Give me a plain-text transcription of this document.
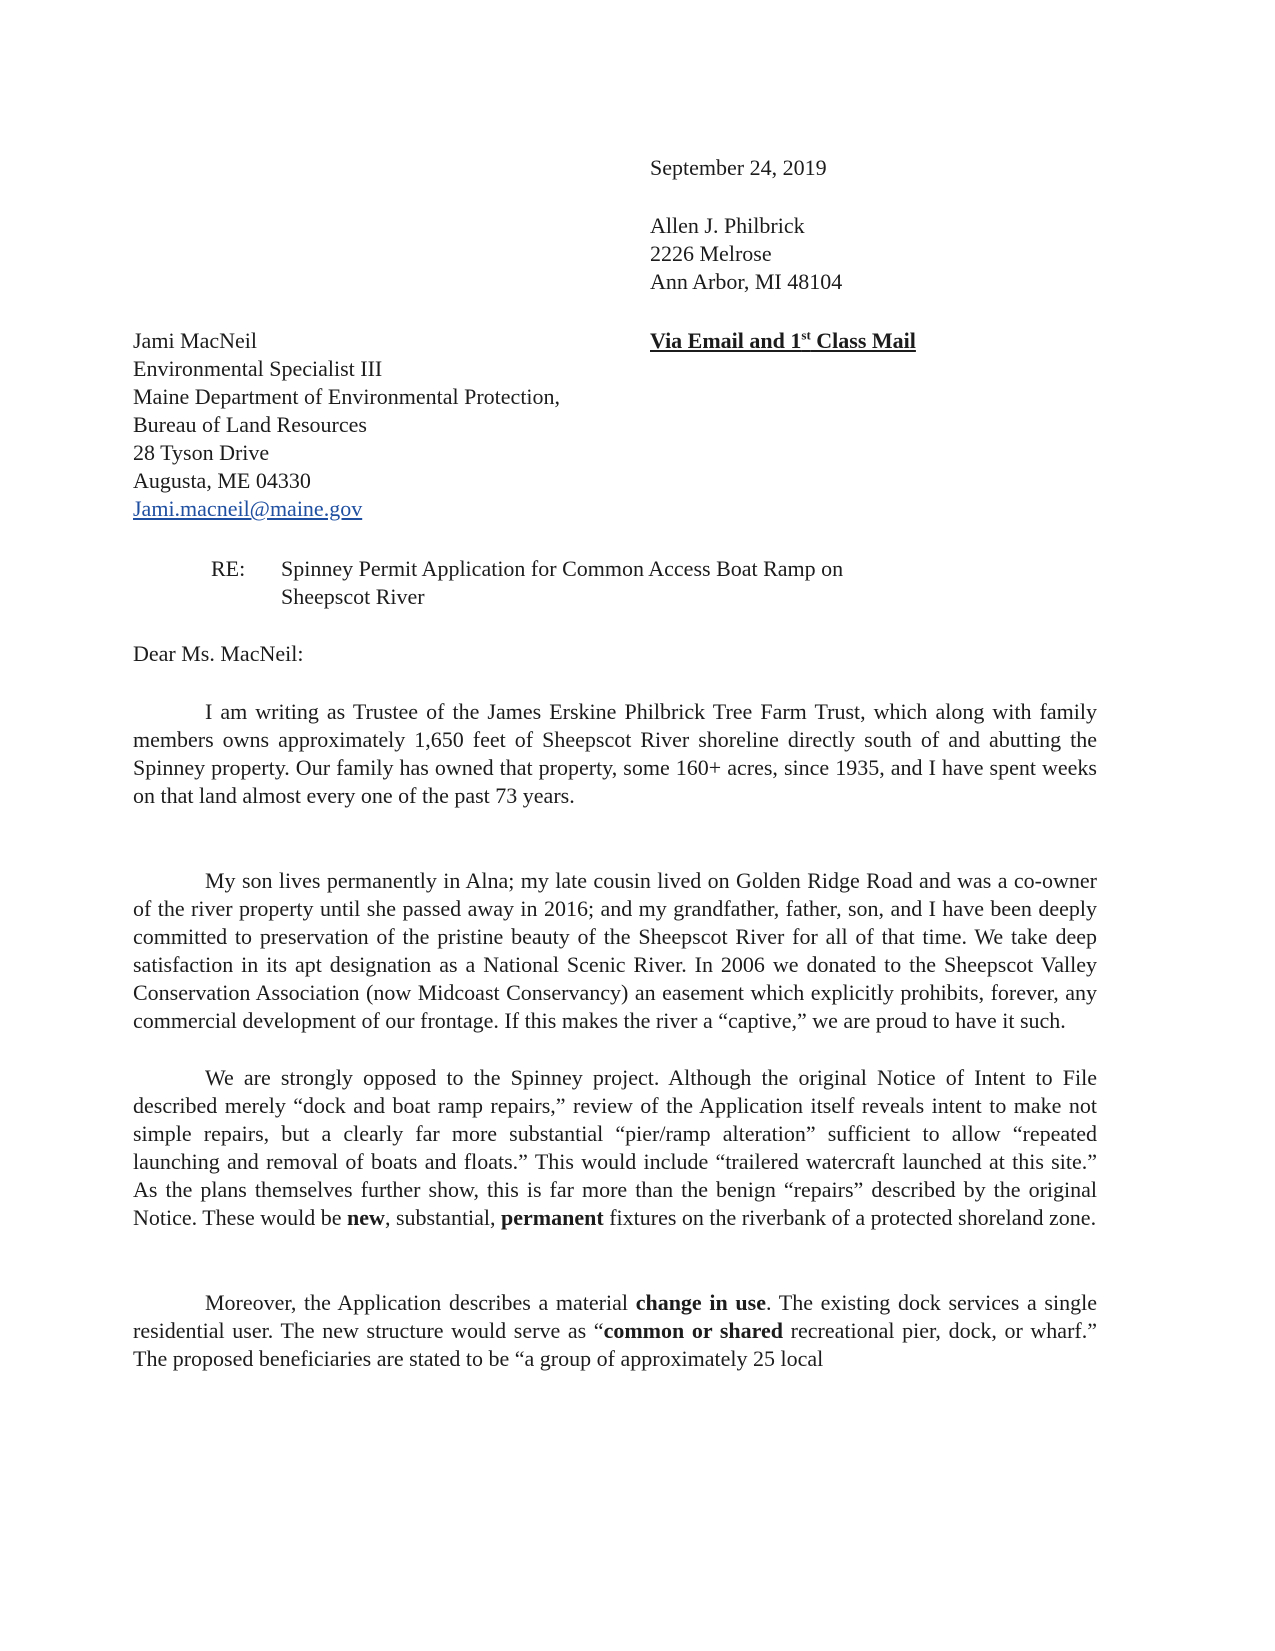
September 24, 2019
Allen J. Philbrick
2226 Melrose
Ann Arbor, MI 48104
Via Email and 1st Class Mail
Jami MacNeil
Environmental Specialist III
Maine Department of Environmental Protection,
Bureau of Land Resources
28 Tyson Drive
Augusta, ME 04330
Jami.macneil@maine.gov
RE: Spinney Permit Application for Common Access Boat Ramp on
Sheepscot River
Dear Ms. MacNeil:
I am writing as Trustee of the James Erskine Philbrick Tree Farm Trust, which along with family members owns approximately 1,650 feet of Sheepscot River shoreline directly south of and abutting the Spinney property. Our family has owned that property, some 160+ acres, since 1935, and I have spent weeks on that land almost every one of the past 73 years.
My son lives permanently in Alna; my late cousin lived on Golden Ridge Road and was a co-owner of the river property until she passed away in 2016; and my grandfather, father, son, and I have been deeply committed to preservation of the pristine beauty of the Sheepscot River for all of that time. We take deep satisfaction in its apt designation as a National Scenic River. In 2006 we donated to the Sheepscot Valley Conservation Association (now Midcoast Conservancy) an easement which explicitly prohibits, forever, any commercial development of our frontage. If this makes the river a “captive,” we are proud to have it such.
We are strongly opposed to the Spinney project. Although the original Notice of Intent to File described merely “dock and boat ramp repairs,” review of the Application itself reveals intent to make not simple repairs, but a clearly far more substantial “pier/ramp alteration” sufficient to allow “repeated launching and removal of boats and floats.” This would include “trailered watercraft launched at this site.” As the plans themselves further show, this is far more than the benign “repairs” described by the original Notice. These would be new, substantial, permanent fixtures on the riverbank of a protected shoreland zone.
Moreover, the Application describes a material change in use. The existing dock services a single residential user. The new structure would serve as “common or shared recreational pier, dock, or wharf.” The proposed beneficiaries are stated to be “a group of approximately 25 local
